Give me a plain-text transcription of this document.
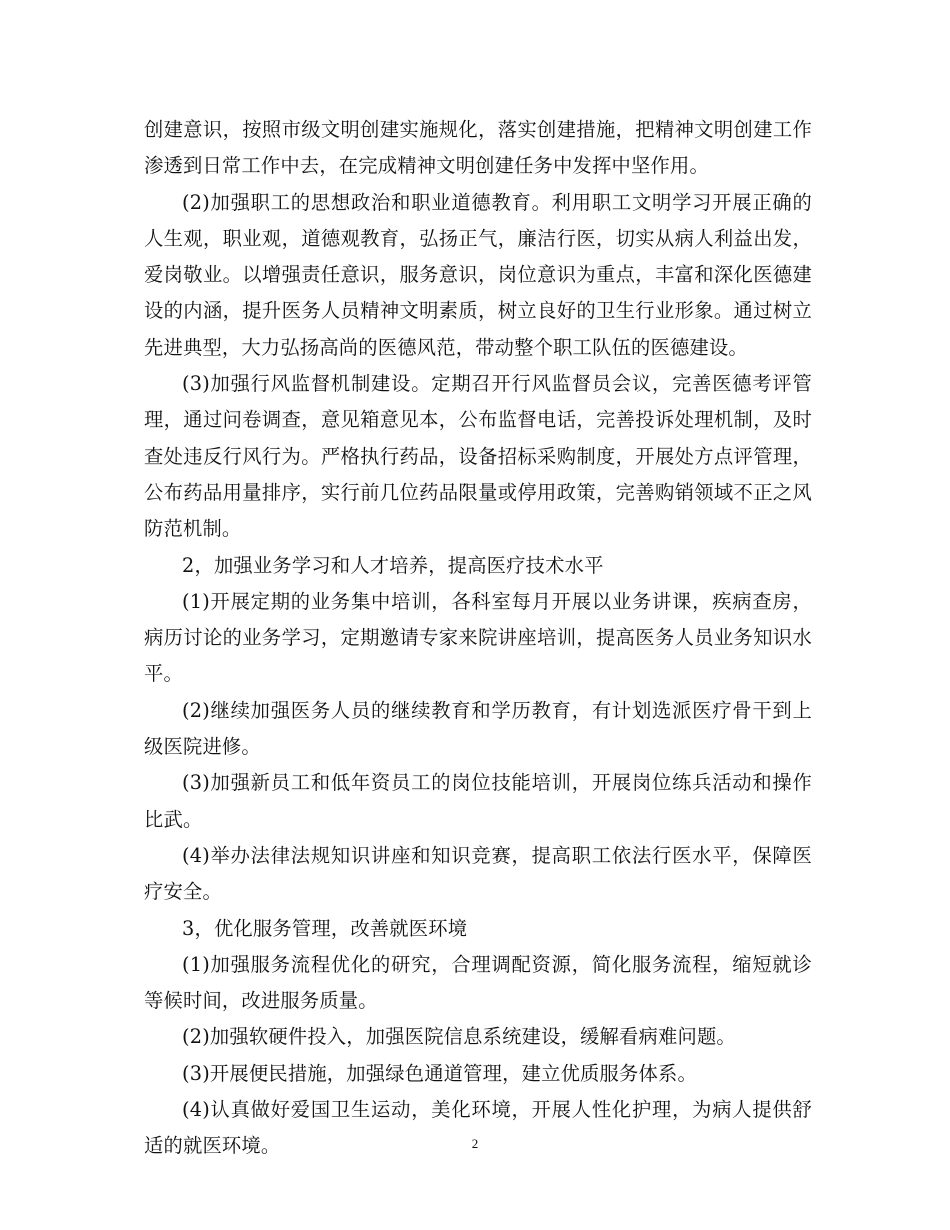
创建意识，按照市级文明创建实施规化，落实创建措施，把精神文明创建工作渗透到日常工作中去，在完成精神文明创建任务中发挥中坚作用。

(2)加强职工的思想政治和职业道德教育。利用职工文明学习开展正确的人生观，职业观，道德观教育，弘扬正气，廉洁行医，切实从病人利益出发，爱岗敬业。以增强责任意识，服务意识，岗位意识为重点，丰富和深化医德建设的内涵，提升医务人员精神文明素质，树立良好的卫生行业形象。通过树立先进典型，大力弘扬高尚的医德风范，带动整个职工队伍的医德建设。

(3)加强行风监督机制建设。定期召开行风监督员会议，完善医德考评管理，通过问卷调查，意见箱意见本，公布监督电话，完善投诉处理机制，及时查处违反行风行为。严格执行药品，设备招标采购制度，开展处方点评管理，公布药品用量排序，实行前几位药品限量或停用政策，完善购销领域不正之风防范机制。

2，加强业务学习和人才培养，提高医疗技术水平

(1)开展定期的业务集中培训，各科室每月开展以业务讲课，疾病查房，病历讨论的业务学习，定期邀请专家来院讲座培训，提高医务人员业务知识水平。

(2)继续加强医务人员的继续教育和学历教育，有计划选派医疗骨干到上级医院进修。

(3)加强新员工和低年资员工的岗位技能培训，开展岗位练兵活动和操作比武。

(4)举办法律法规知识讲座和知识竞赛，提高职工依法行医水平，保障医疗安全。

3，优化服务管理，改善就医环境

(1)加强服务流程优化的研究，合理调配资源，简化服务流程，缩短就诊等候时间，改进服务质量。

(2)加强软硬件投入，加强医院信息系统建设，缓解看病难问题。

(3)开展便民措施，加强绿色通道管理，建立优质服务体系。

(4)认真做好爱国卫生运动，美化环境，开展人性化护理，为病人提供舒适的就医环境。	2
